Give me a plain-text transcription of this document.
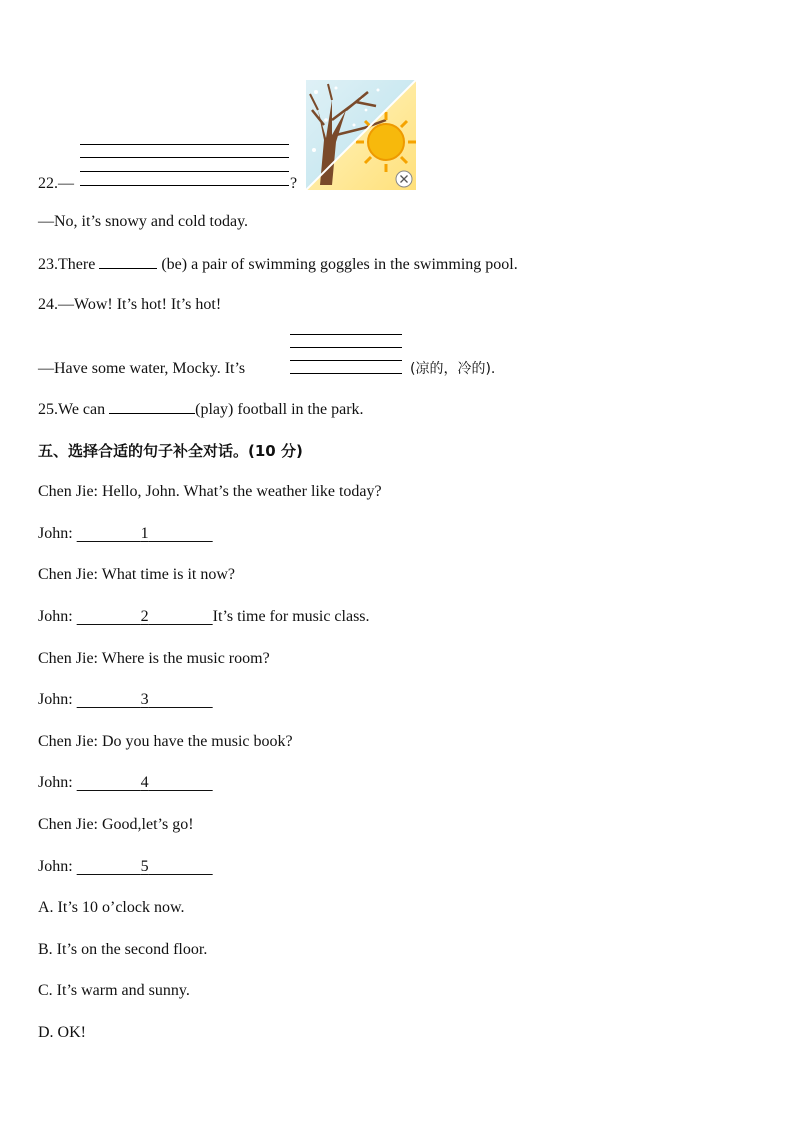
22.—	?
—No, it’s snowy and cold today.
23.There	(be) a pair of swimming goggles in the swimming pool.
24.—Wow! It’s hot! It’s hot!
—Have some water, Mocky. It’s	(凉的，冷的).
25.We can	(play) football in the park.
五、选择合适的句子补全对话。(10 分)
Chen Jie: Hello, John. What’s the weather like today?
John:     	1    
Chen Jie: What time is it now?
John:     	2    	It’s time for music class.
Chen Jie: Where is the music room?
John:     	3    
Chen Jie: Do you have the music book?
John:     	4    
Chen Jie: Good,let’s go!
John:     	5    
A. It’s 10 o’clock now.
B. It’s on the second floor.
C. It’s warm and sunny.
D. OK!
